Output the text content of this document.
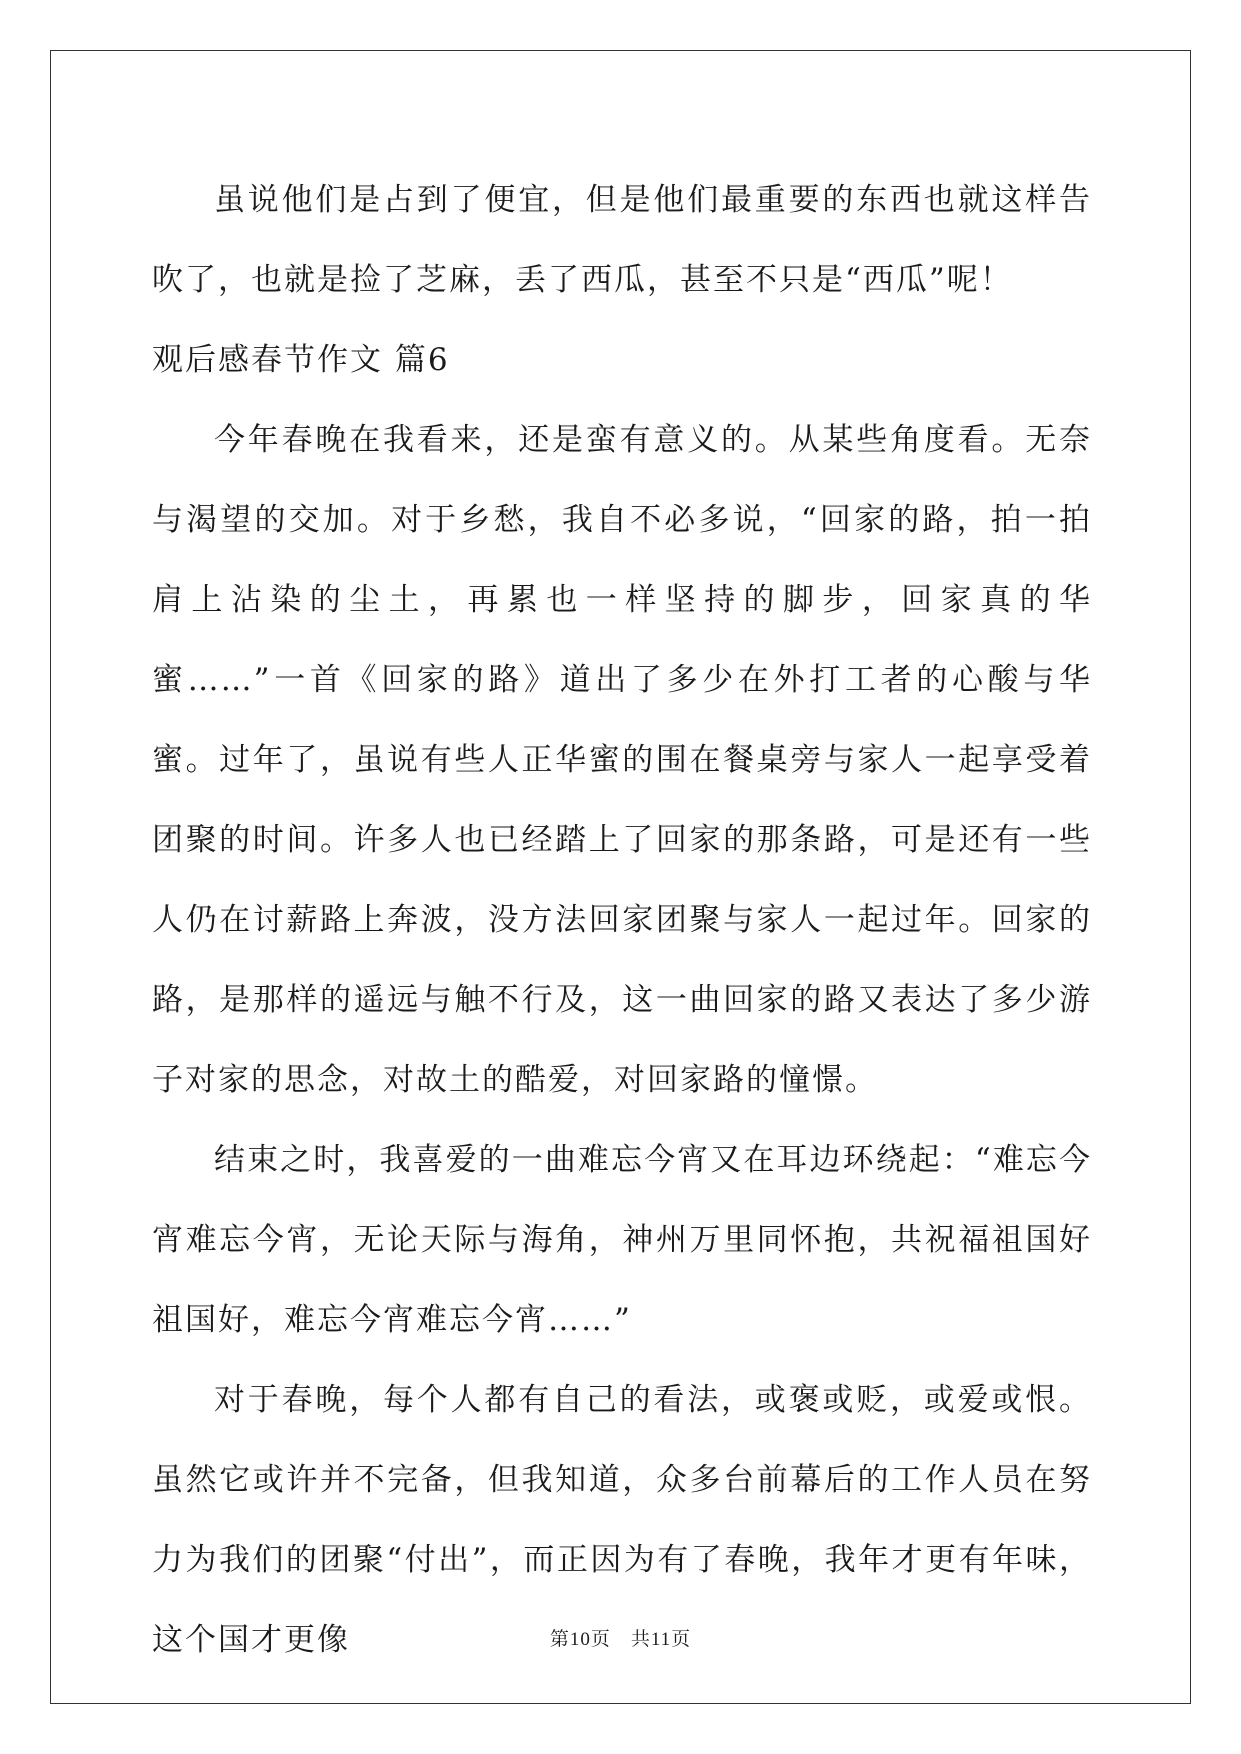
虽说他们是占到了便宜，但是他们最重要的东西也就这样告吹了，也就是捡了芝麻，丢了西瓜，甚至不只是“西瓜”呢！

观后感春节作文 篇6

今年春晚在我看来，还是蛮有意义的。从某些角度看。无奈与渴望的交加。对于乡愁，我自不必多说，“回家的路，拍一拍肩上沾染的尘土，再累也一样坚持的脚步，回家真的华蜜……”一首《回家的路》道出了多少在外打工者的心酸与华蜜。过年了，虽说有些人正华蜜的围在餐桌旁与家人一起享受着团聚的时间。许多人也已经踏上了回家的那条路，可是还有一些人仍在讨薪路上奔波，没方法回家团聚与家人一起过年。回家的路，是那样的遥远与触不行及，这一曲回家的路又表达了多少游子对家的思念，对故土的酷爱，对回家路的憧憬。

结束之时，我喜爱的一曲难忘今宵又在耳边环绕起：“难忘今宵难忘今宵，无论天际与海角，神州万里同怀抱，共祝福祖国好祖国好，难忘今宵难忘今宵……”

对于春晚，每个人都有自己的看法，或褒或贬，或爱或恨。虽然它或许并不完备，但我知道，众多台前幕后的工作人员在努力为我们的团聚“付出”，而正因为有了春晚，我年才更有年味，这个国才更像	第10页　共11页
